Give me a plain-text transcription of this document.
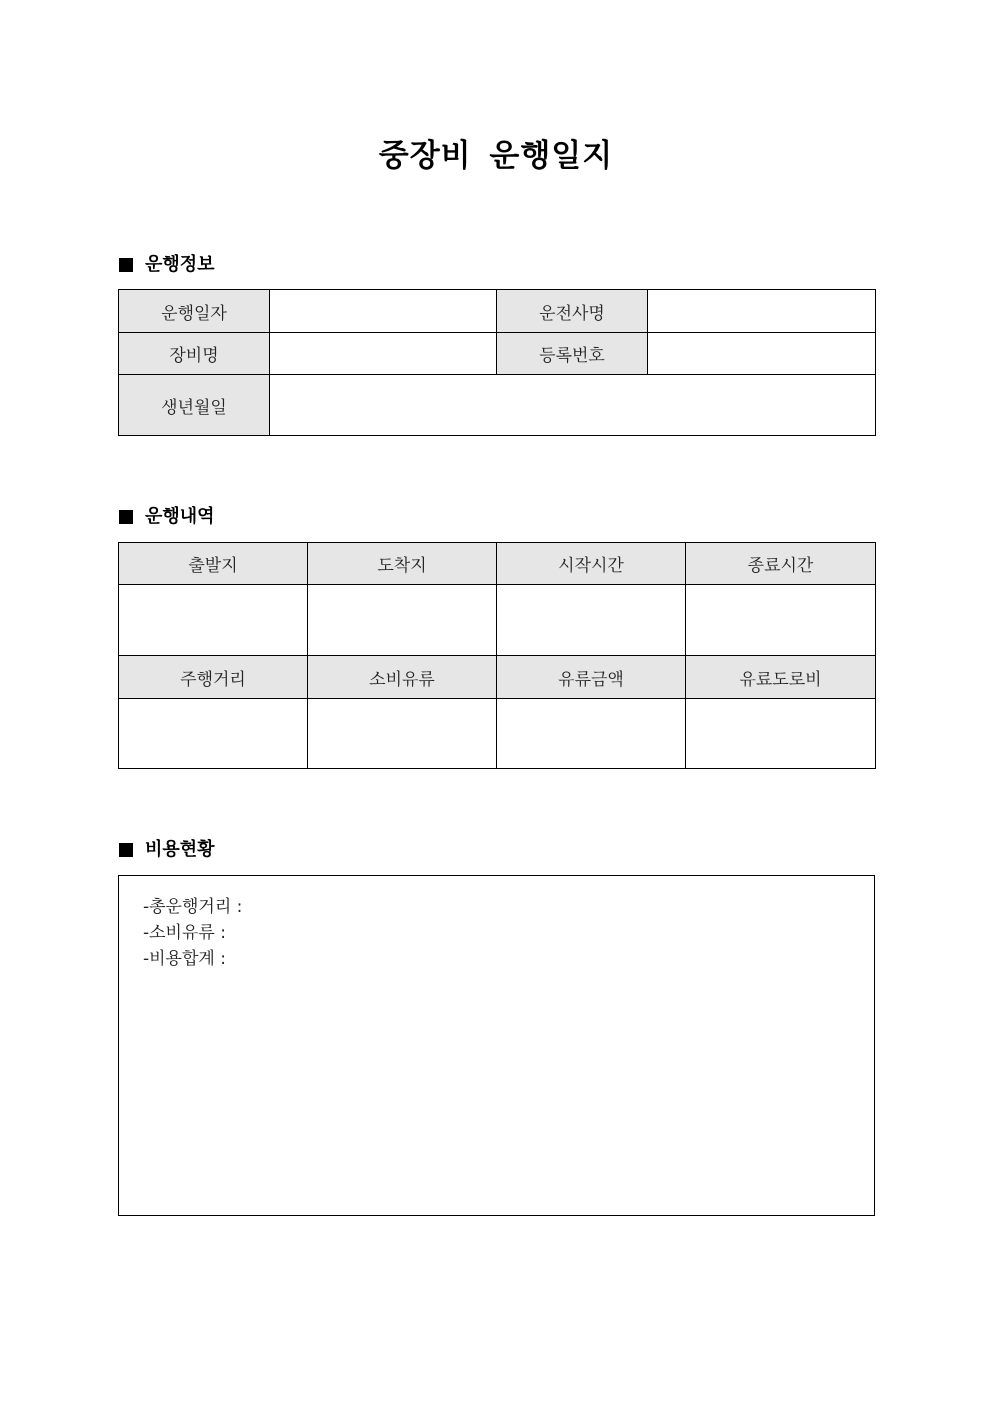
중장비 운행일지
운행정보
운행일자		운전사명	
장비명		등록번호	
생년월일			
운행내역
출발지	도착지	시작시간	종료시간

주행거리	소비유류	유류금액	유료도로비

비용현황
-총운행거리 :
-소비유류 :
-비용합계 :
